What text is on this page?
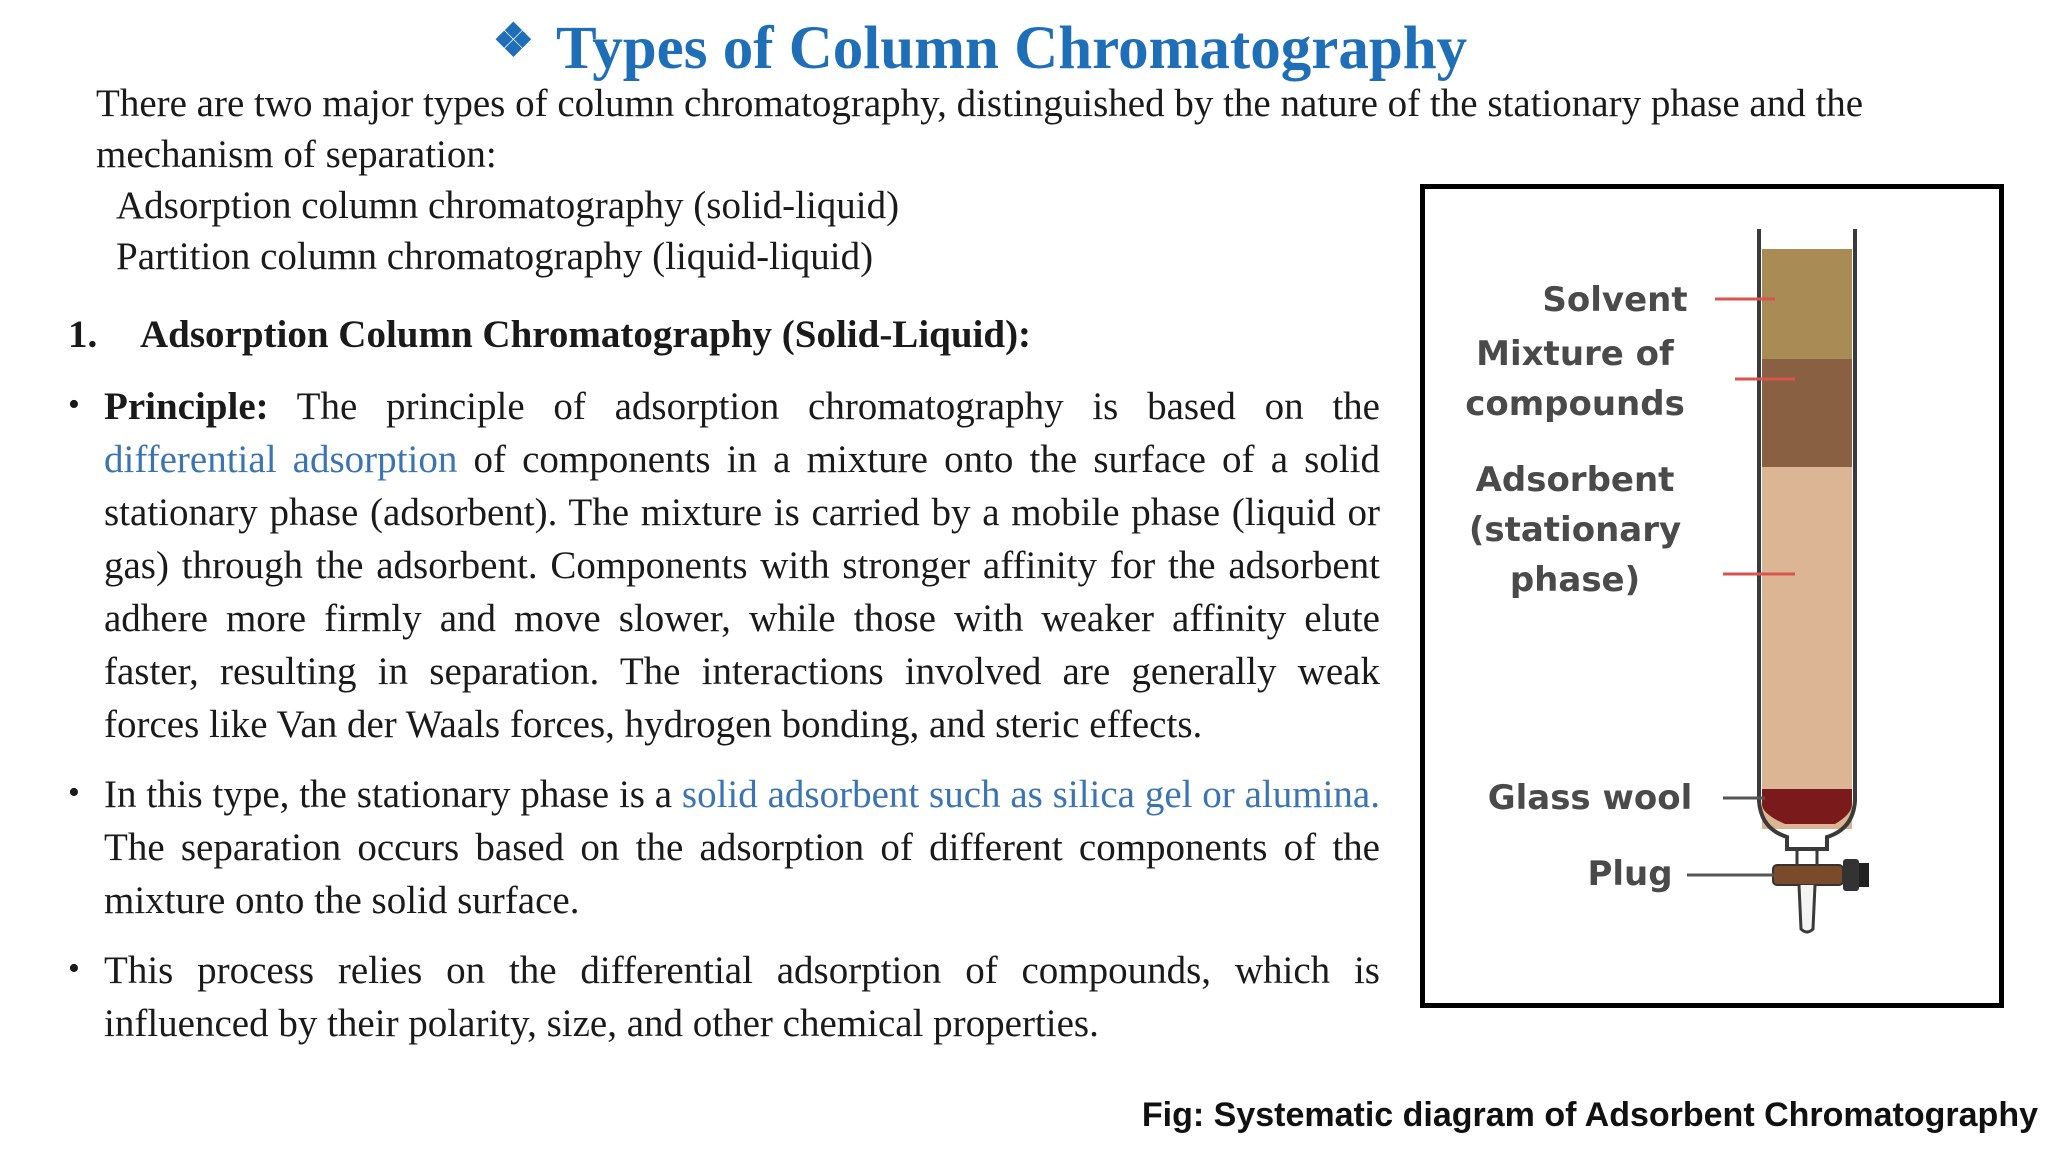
❖ Types of Column Chromatography
There are two major types of column chromatography, distinguished by the nature of the stationary phase and the mechanism of separation:
Adsorption column chromatography (solid-liquid)
Partition column chromatography (liquid-liquid)
1. Adsorption Column Chromatography (Solid-Liquid):
• Principle: The principle of adsorption chromatography is based on the differential adsorption of components in a mixture onto the surface of a solid stationary phase (adsorbent). The mixture is carried by a mobile phase (liquid or gas) through the adsorbent. Components with stronger affinity for the adsorbent adhere more firmly and move slower, while those with weaker affinity elute faster, resulting in separation. The interactions involved are generally weak forces like Van der Waals forces, hydrogen bonding, and steric effects.
• In this type, the stationary phase is a solid adsorbent such as silica gel or alumina. The separation occurs based on the adsorption of different components of the mixture onto the solid surface.
• This process relies on the differential adsorption of compounds, which is influenced by their polarity, size, and other chemical properties.
Solvent
Mixture of
compounds
Adsorbent
(stationary
phase)
Glass wool
Plug
Fig: Systematic diagram of Adsorbent Chromatography
